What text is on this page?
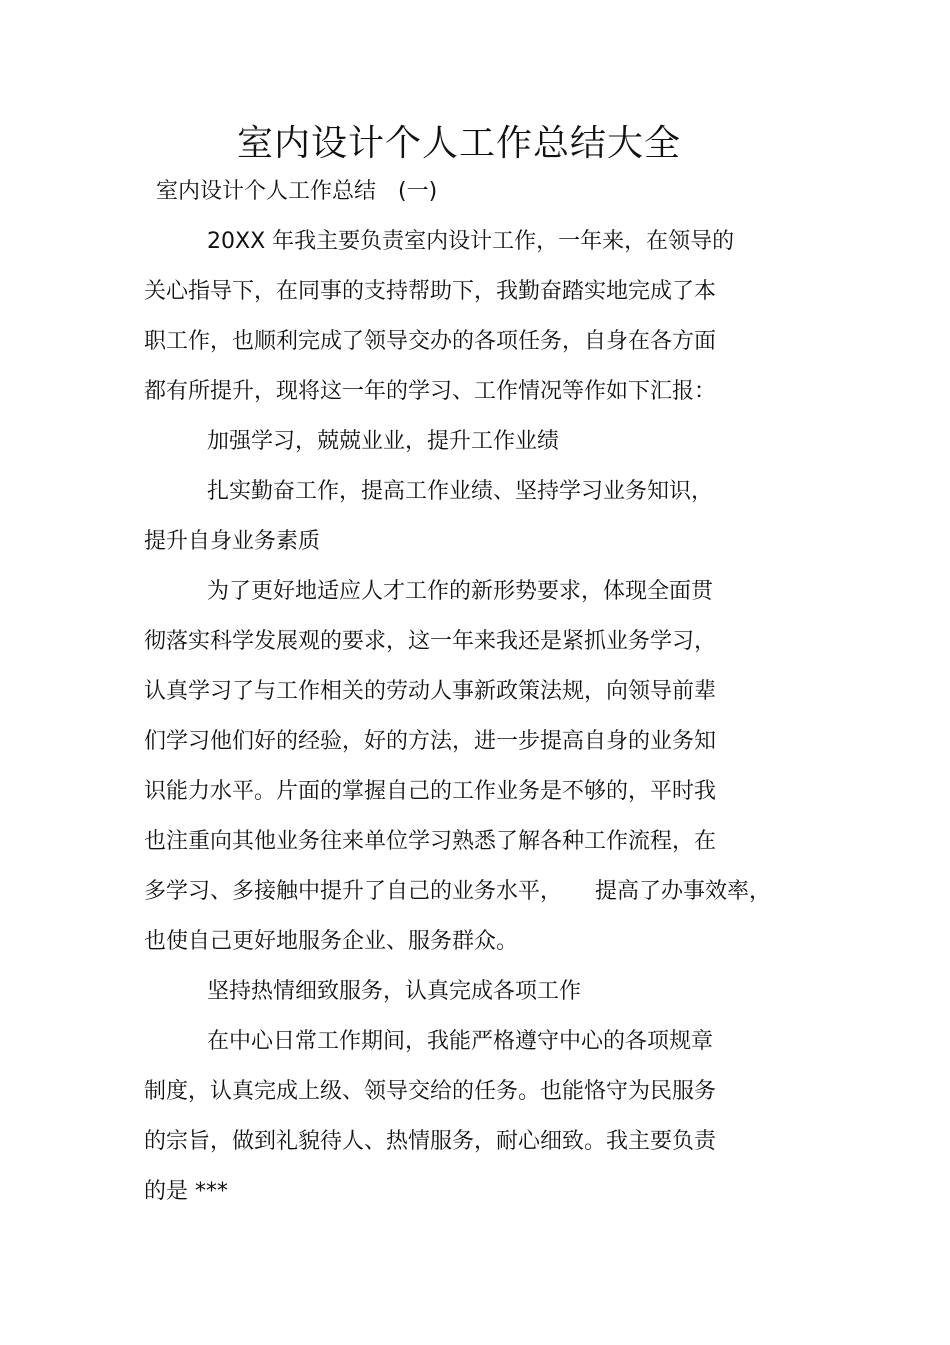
室内设计个人工作总结大全

室内设计个人工作总结　(一)

20XX 年我主要负责室内设计工作，一年来，在领导的

关心指导下，在同事的支持帮助下，我勤奋踏实地完成了本

职工作，也顺利完成了领导交办的各项任务，自身在各方面

都有所提升，现将这一年的学习、工作情况等作如下汇报：

加强学习，兢兢业业，提升工作业绩

扎实勤奋工作，提高工作业绩、坚持学习业务知识，

提升自身业务素质

为了更好地适应人才工作的新形势要求，体现全面贯

彻落实科学发展观的要求，这一年来我还是紧抓业务学习，

认真学习了与工作相关的劳动人事新政策法规，向领导前辈

们学习他们好的经验，好的方法，进一步提高自身的业务知

识能力水平。片面的掌握自己的工作业务是不够的，平时我

也注重向其他业务往来单位学习熟悉了解各种工作流程，在

多学习、多接触中提升了自己的业务水平，　　提高了办事效率，

也使自己更好地服务企业、服务群众。

坚持热情细致服务，认真完成各项工作

在中心日常工作期间，我能严格遵守中心的各项规章

制度，认真完成上级、领导交给的任务。也能恪守为民服务

的宗旨，做到礼貌待人、热情服务，耐心细致。我主要负责

的是 ***
